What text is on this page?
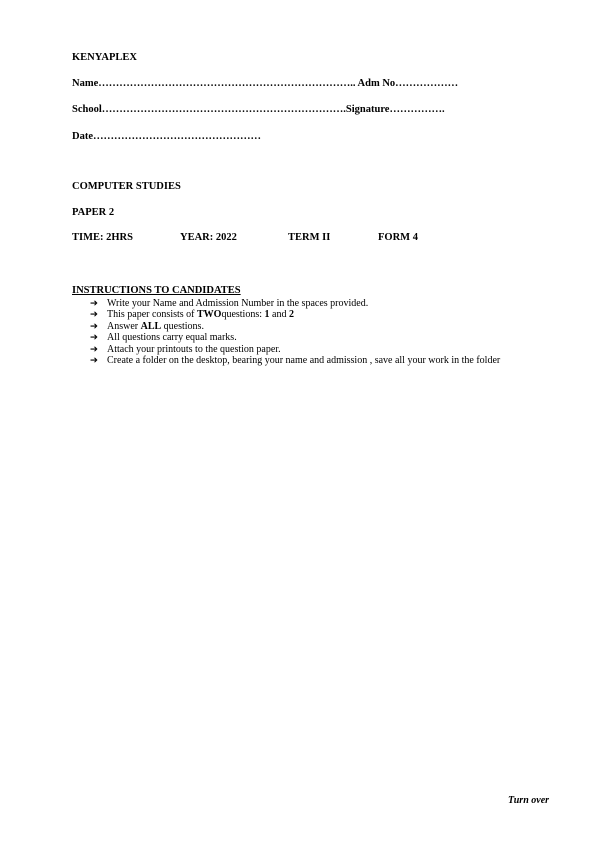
KENYAPLEX
Name……………………………………………………………….. Adm No………………
School…………………………………………………………….Signature…………….
Date…………………………………………
COMPUTER STUDIES
PAPER 2
TIME: 2HRS	YEAR: 2022	TERM II	FORM 4
INSTRUCTIONS TO CANDIDATES
➔ Write your Name and Admission Number in the spaces provided.
➔ This paper consists of TWOquestions: 1 and 2
➔ Answer ALL questions.
➔ All questions carry equal marks.
➔ Attach your printouts to the question paper.
➔ Create a folder on the desktop, bearing your name and admission , save all your work in the folder
Turn over
